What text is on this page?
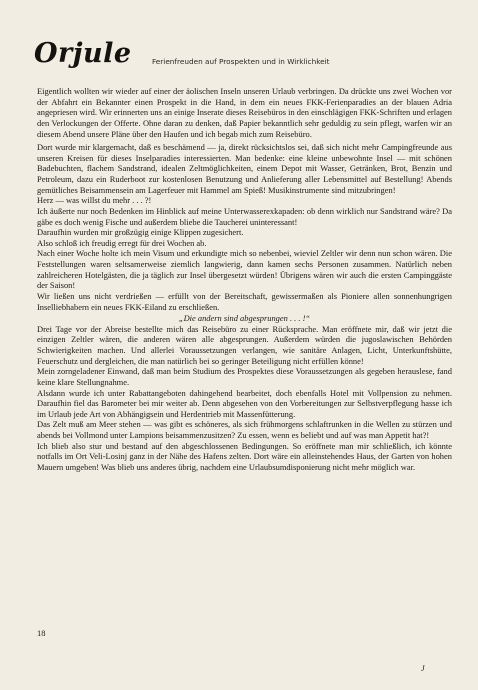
Orjule	Ferienfreuden auf Prospekten und in Wirklichkeit

Eigentlich wollten wir wieder auf einer der äolischen Inseln unseren Urlaub verbringen. Da drückte uns zwei Wochen vor der Abfahrt ein Bekannter einen Prospekt in die Hand, in dem ein neues FKK-Ferienparadies an der blauen Adria angepriesen wird. Wir erinnerten uns an einige Inserate dieses Reisebüros in den einschlägigen FKK-Schriften und erlagen den Verlockungen der Offerte. Ohne daran zu denken, daß Papier bekanntlich sehr geduldig zu sein pflegt, warfen wir an diesem Abend unsere Pläne über den Haufen und ich begab mich zum Reisebüro.

Dort wurde mir klargemacht, daß es beschämend — ja, direkt rücksichtslos sei, daß sich nicht mehr Campingfreunde aus unseren Kreisen für dieses Inselparadies interessierten. Man bedenke: eine kleine unbewohnte Insel — mit schönen Badebuchten, flachem Sandstrand, idealen Zeltmöglichkeiten, einem Depot mit Wasser, Getränken, Brot, Benzin und Petroleum, dazu ein Ruderboot zur kostenlosen Benutzung und Anlieferung aller Lebensmittel auf Bestellung! Abends gemütliches Beisammensein am Lagerfeuer mit Hammel am Spieß! Musikinstrumente sind mitzubringen!

Herz — was willst du mehr . . . ?!

Ich äußerte nur noch Bedenken im Hinblick auf meine Unterwasserexkapaden: ob denn wirklich nur Sandstrand wäre? Da gäbe es doch wenig Fische und außerdem bliebe die Taucherei uninteressant!

Daraufhin wurden mir großzügig einige Klippen zugesichert.

Also schloß ich freudig erregt für drei Wochen ab.

Nach einer Woche holte ich mein Visum und erkundigte mich so nebenbei, wieviel Zeltler wir denn nun schon wären. Die Feststellungen waren seltsamerweise ziemlich langwierig, dann kamen sechs Personen zusammen. Natürlich neben zahlreicheren Hotelgästen, die ja täglich zur Insel übergesetzt würden! Übrigens wären wir auch die ersten Campinggäste der Saison!

Wir ließen uns nicht verdrießen — erfüllt von der Bereitschaft, gewissermaßen als Pioniere allen sonnenhungrigen Inselliebhabern ein neues FKK-Eiland zu erschließen.

„Die andern sind abgesprungen . . . !“

Drei Tage vor der Abreise bestellte mich das Reisebüro zu einer Rücksprache. Man eröffnete mir, daß wir jetzt die einzigen Zeltler wären, die anderen wären alle abgesprungen. Außerdem würden die jugoslawischen Behörden Schwierigkeiten machen. Und allerlei Voraussetzungen verlangen, wie sanitäre Anlagen, Licht, Unterkunftshütte, Feuerschutz und dergleichen, die man natürlich bei so geringer Beteiligung nicht erfüllen könne!

Mein zorngeladener Einwand, daß man beim Studium des Prospektes diese Voraussetzungen als gegeben herauslese, fand keine klare Stellungnahme.

Alsdann wurde ich unter Rabattangeboten dahingehend bearbeitet, doch ebenfalls Hotel mit Vollpension zu nehmen. Daraufhin fiel das Barometer bei mir weiter ab. Denn abgesehen von den Vorbereitungen zur Selbstverpflegung hasse ich im Urlaub jede Art von Abhängigsein und Herdentrieb mit Massenfütterung.

Das Zelt muß am Meer stehen — was gibt es schöneres, als sich frühmorgens schlaftrunken in die Wellen zu stürzen und abends bei Vollmond unter Lampions beisammenzusitzen? Zu essen, wenn es beliebt und auf was man Appetit hat?!

Ich blieb also stur und bestand auf den abgeschlossenen Bedingungen. So eröffnete man mir schließlich, ich könnte notfalls im Ort Veli-Losinj ganz in der Nähe des Hafens zelten. Dort wäre ein alleinstehendes Haus, der Garten von hohen Mauern umgeben! Was blieb uns anderes übrig, nachdem eine Urlaubsumdisponierung nicht mehr möglich war.

18
J
